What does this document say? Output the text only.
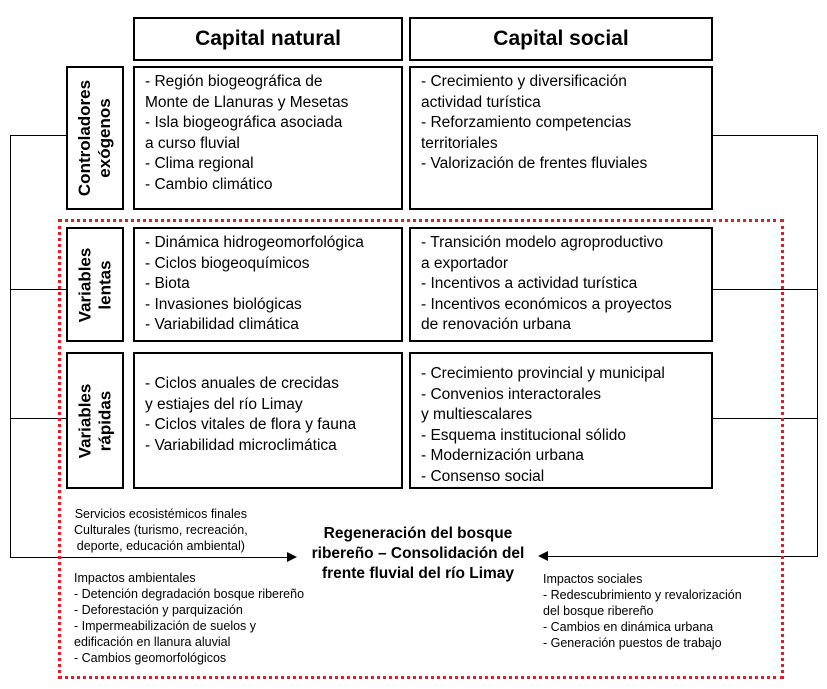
Capital natural	Capital social
Controladores exógenos
- Región biogeográfica de
Monte de Llanuras y Mesetas
- Isla biogeográfica asociada
a curso fluvial
- Clima regional
- Cambio climático
- Crecimiento y diversificación
actividad turística
- Reforzamiento competencias
territoriales
- Valorización de frentes fluviales
Variables lentas
- Dinámica hidrogeomorfológica
- Ciclos biogeoquímicos
- Biota
- Invasiones biológicas
- Variabilidad climática
- Transición modelo agroproductivo
a exportador
- Incentivos a actividad turística
- Incentivos económicos a proyectos
de renovación urbana
Variables rápidas
- Ciclos anuales de crecidas
y estiajes del río Limay
- Ciclos vitales de flora y fauna
- Variabilidad microclimática
- Crecimiento provincial y municipal
- Convenios interactorales
y multiescalares
- Esquema institucional sólido
- Modernización urbana
- Consenso social
Servicios ecosistémicos finales
Culturales (turismo, recreación,
deporte, educación ambiental)
Regeneración del bosque
ribereño – Consolidación del
frente fluvial del río Limay
Impactos ambientales
- Detención degradación bosque ribereño
- Deforestación y parquización
- Impermeabilización de suelos y
edificación en llanura aluvial
- Cambios geomorfológicos
Impactos sociales
- Redescubrimiento y revalorización
del bosque ribereño
- Cambios en dinámica urbana
- Generación puestos de trabajo
